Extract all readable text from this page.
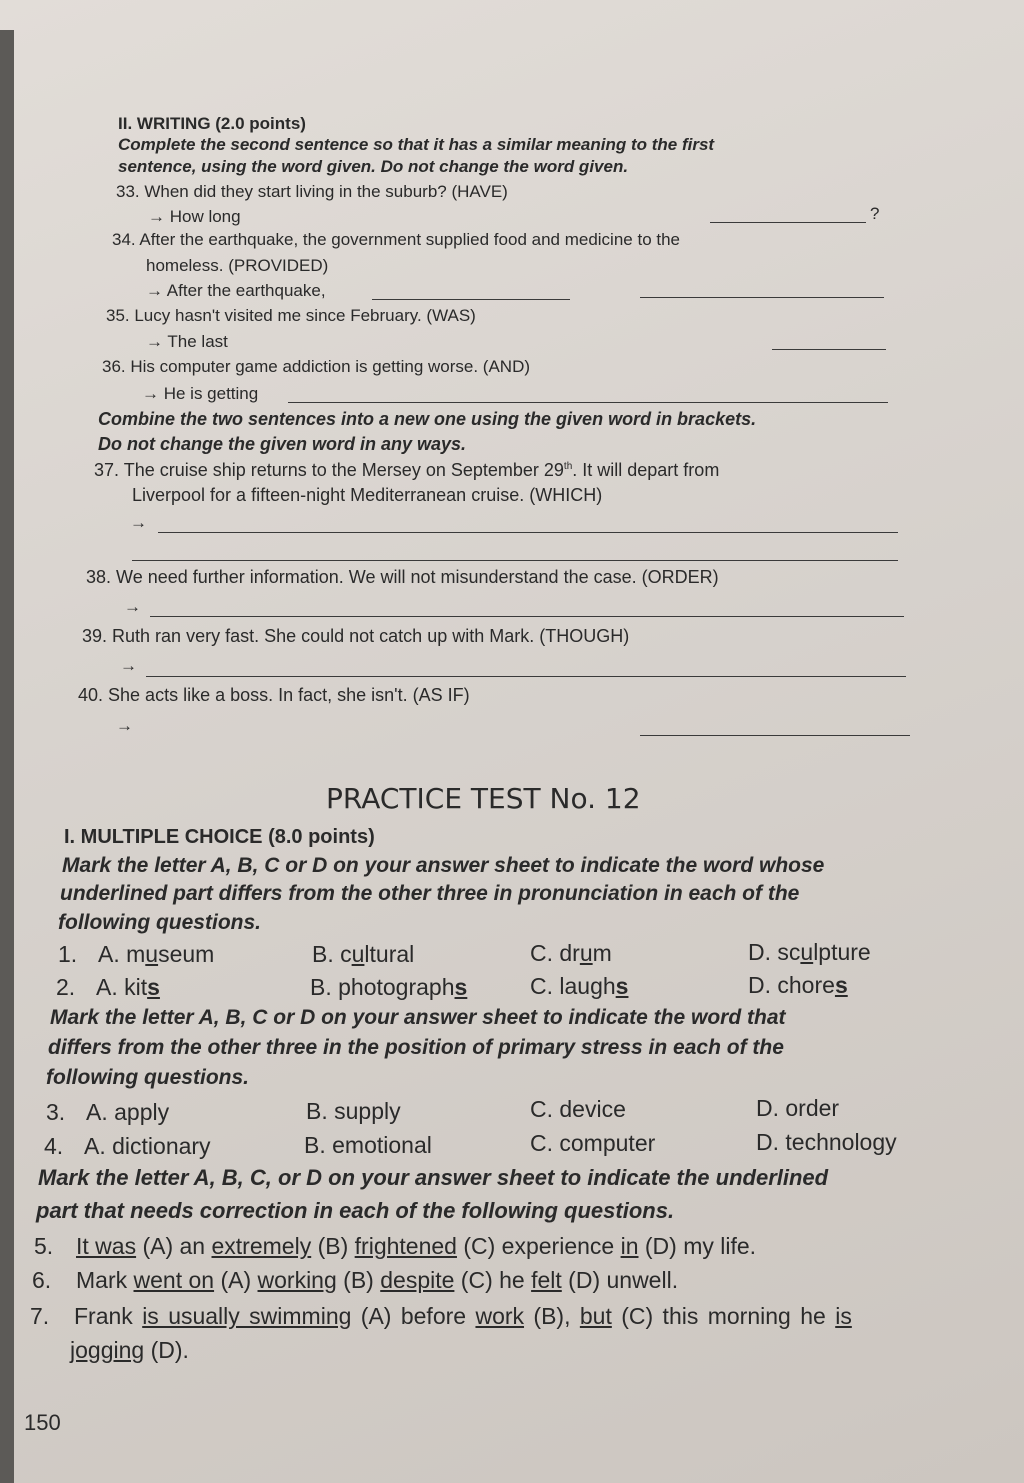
II. WRITING (2.0 points)
Complete the second sentence so that it has a similar meaning to the first
sentence, using the word given. Do not change the word given.
33. When did they start living in the suburb? (HAVE)
→ How long	?
34. After the earthquake, the government supplied food and medicine to the
homeless. (PROVIDED)
→ After the earthquake,
35. Lucy hasn't visited me since February. (WAS)
→ The last
36. His computer game addiction is getting worse. (AND)
→ He is getting
Combine the two sentences into a new one using the given word in brackets.
Do not change the given word in any ways.
37. The cruise ship returns to the Mersey on September 29th. It will depart from
Liverpool for a fifteen-night Mediterranean cruise. (WHICH)
→
38. We need further information. We will not misunderstand the case. (ORDER)
→
39. Ruth ran very fast. She could not catch up with Mark. (THOUGH)
→
40. She acts like a boss. In fact, she isn't. (AS IF)
→
PRACTICE TEST No. 12
I. MULTIPLE CHOICE (8.0 points)
Mark the letter A, B, C or D on your answer sheet to indicate the word whose
underlined part differs from the other three in pronunciation in each of the
following questions.
1. A. museum	B. cultural	C. drum	D. sculpture
2. A. kits	B. photographs	C. laughs	D. chores
Mark the letter A, B, C or D on your answer sheet to indicate the word that
differs from the other three in the position of primary stress in each of the
following questions.
3. A. apply	B. supply	C. device	D. order
4. A. dictionary	B. emotional	C. computer	D. technology
Mark the letter A, B, C, or D on your answer sheet to indicate the underlined
part that needs correction in each of the following questions.
5. It was (A) an extremely (B) frightened (C) experience in (D) my life.
6. Mark went on (A) working (B) despite (C) he felt (D) unwell.
7. Frank is usually swimming (A) before work (B), but (C) this morning he is
jogging (D).
150
